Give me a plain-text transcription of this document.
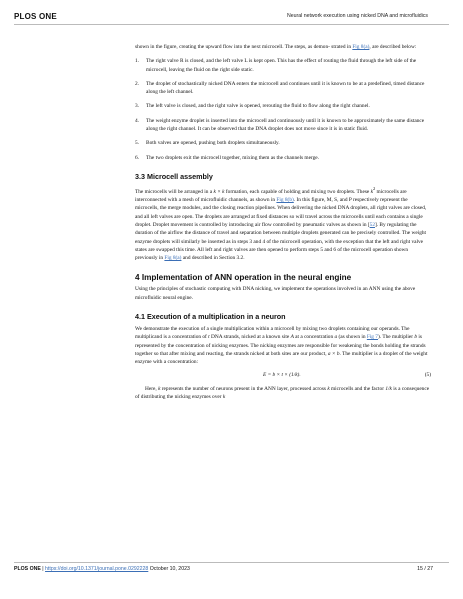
PLOS ONE	Neural network execution using nicked DNA and microfluidics

shown in the figure, creating the upward flow into the next microcell. The steps, as demon- strated in Fig 8(a), are described below:

1. The right valve R is closed, and the left valve L is kept open. This has the effect of routing the fluid through the left side of the microcell, leaving the fluid on the right side static.
2. The droplet of stochastically nicked DNA enters the microcell and continues until it is known to be at a predefined, timed distance along the left channel.
3. The left valve is closed, and the right valve is opened, rerouting the fluid to flow along the right channel.
4. The weight enzyme droplet is inserted into the microcell and continuously until it is known to be approximately the same distance along the right channel. It can be observed that the DNA droplet does not move since it is in static fluid.
5. Both valves are opened, pushing both droplets simultaneously.
6. The two droplets exit the microcell together, mixing them as the channels merge.
3.3 Microcell assembly

The microcells will be arranged in a k × k formation, each capable of holding and mixing two droplets. These $k^2$ microcells are interconnected with a mesh of microfluidic channels, as shown in Fig 8(b). In this figure, M, S, and P respectively represent the microcells, the merge modules, and the closing reaction pipelines. When delivering the nicked DNA droplets, all right valves are closed, and all left valves are open. The droplets are arranged at fixed distances so will travel across the microcells until each contains a single droplet. Droplet movement is controlled by introducing air flow controlled by pneumatic valves as shown in [52]. By regulating the duration of the airflow the distance of travel and separation between multiple droplets generated can be precisely controlled. The weight enzyme droplets will similarly be inserted as in steps 3 and 4 of the microcell operation, with the exception that the left and right valve states are swapped this time. All left and right valves are then opened to perform steps 5 and 6 of the microcell operation shown previously in Fig 8(a) and described in Section 3.2.

4 Implementation of ANN operation in the neural engine

Using the principles of stochastic computing with DNA nicking, we implement the operations involved in an ANN using the above microfluidic neural engine.

4.1 Execution of a multiplication in a neuron

We demonstrate the execution of a single multiplication within a microcell by mixing two droplets containing our operands. The multiplicand is a concentration of t DNA strands, nicked at a known site A at a concentration a (as shown in Fig 7). The multiplier b is represented by the concentration of nicking enzymes. The nicking enzymes are responsible for weakening the bonds holding the strands together so that after mixing and reacting, the strands nicked at both sites are our product, a × b. The multiplier is a droplet of the weight enzyme with a concentration:

E = b × t × (1/k).	(5)

Here, k represents the number of neurons present in the ANN layer, processed across k microcells and the factor 1/k is a consequence of distributing the nicking enzymes over k

PLOS ONE | https://doi.org/10.1371/journal.pone.0292228 October 10, 2023	15 / 27
